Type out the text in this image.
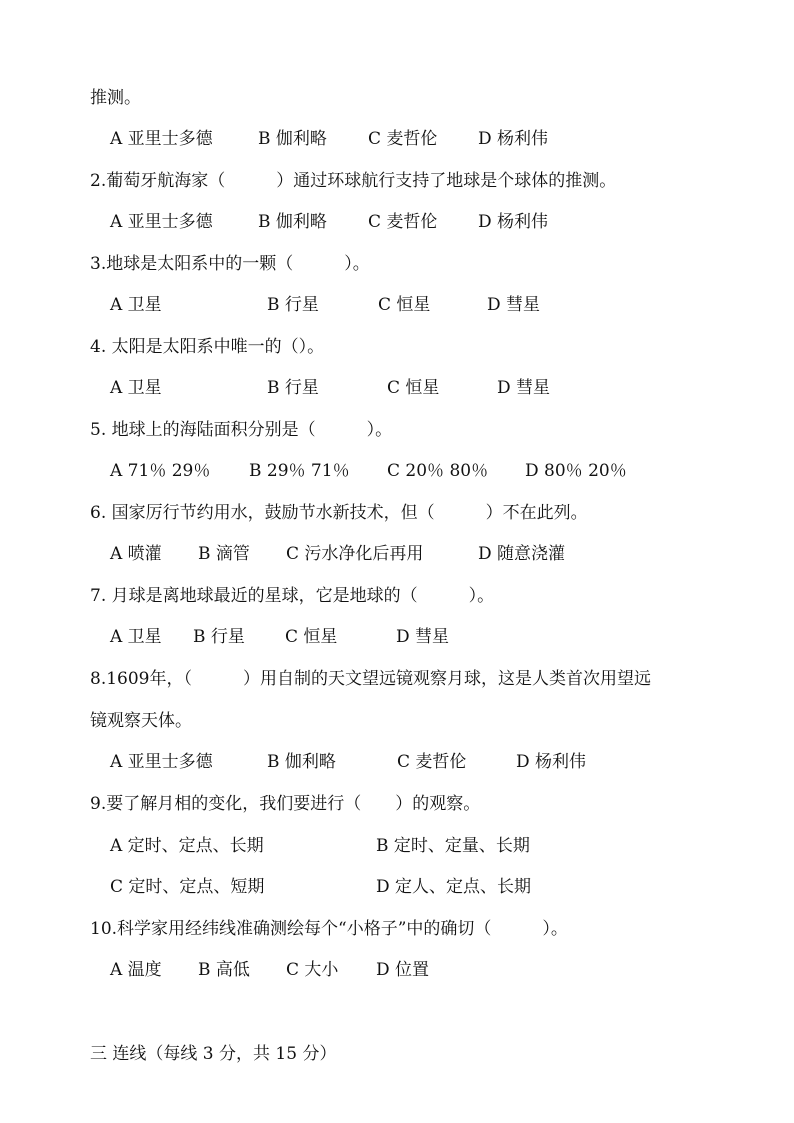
推测。
A 亚里士多德	B 伽利略 C 麦哲伦 D 杨利伟
2.葡萄牙航海家（　　　）通过环球航行支持了地球是个球体的推测。
A 亚里士多德	B 伽利略 C 麦哲伦 D 杨利伟
3.地球是太阳系中的一颗（　　　）。
A 卫星	B 行星	C 恒星	D 彗星
4. 太阳是太阳系中唯一的（）。
A 卫星	B 行星	C 恒星	D 彗星
5. 地球上的海陆面积分别是（　　　）。
A 71％ 29％ B 29％ 71％ C 20％ 80％ D 80％ 20％
6. 国家厉行节约用水，鼓励节水新技术，但（　　　）不在此列。
A 喷灌 B 滴管 C 污水净化后再用	D 随意浇灌
7. 月球是离地球最近的星球，它是地球的（　　　）。
A 卫星 B 行星 C 恒星	D 彗星
8.1609年，（　　　）用自制的天文望远镜观察月球，这是人类首次用望远
镜观察天体。
A 亚里士多德	B 伽利略	C 麦哲伦	D 杨利伟
9.要了解月相的变化，我们要进行（　　）的观察。
A 定时、定点、长期	B 定时、定量、长期
C 定时、定点、短期	D 定人、定点、长期
10.科学家用经纬线准确测绘每个“小格子”中的确切（　　　）。
A 温度 B 高低 C 大小 D 位置
三 连线（每线 3 分，共 15 分）
